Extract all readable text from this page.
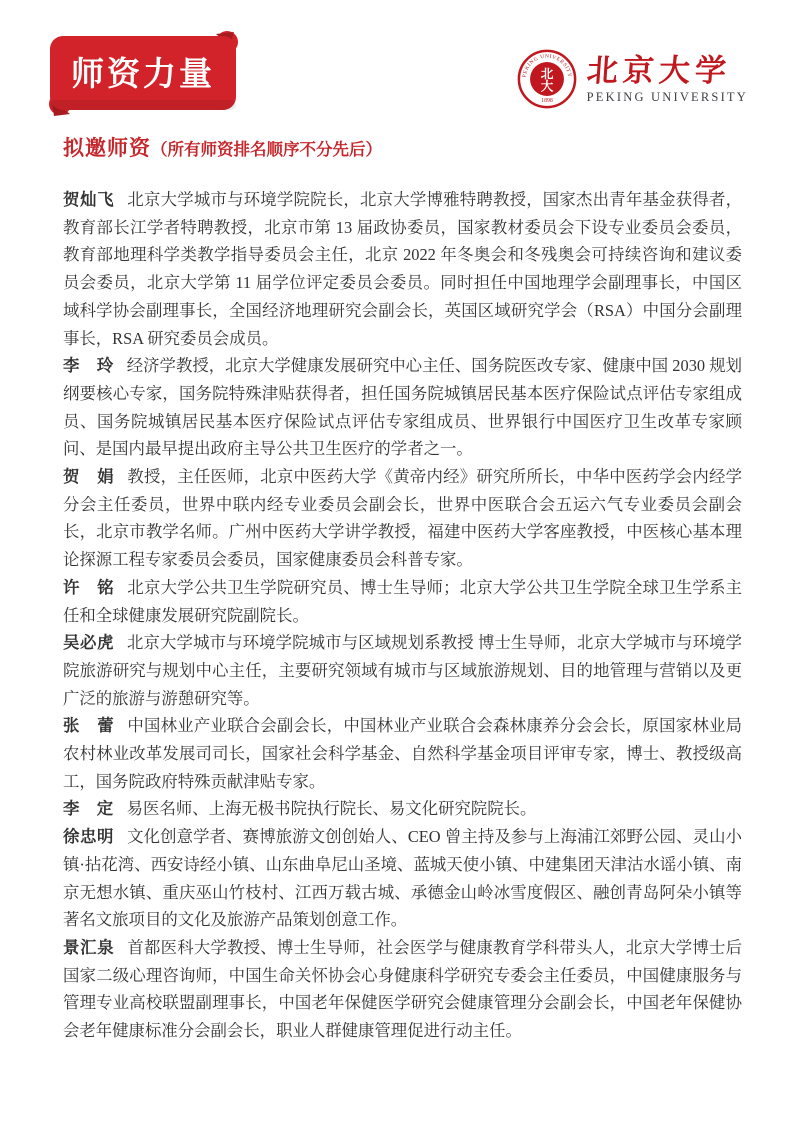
师资力量	PEKING UNIVERSITY
1898
北
大 北京大学
PEKING UNIVERSITY
拟邀师资 （所有师资排名顺序不分先后）

贺灿飞 北京大学城市与环境学院院长，北京大学博雅特聘教授，国家杰出青年基金获得者，教育部长江学者特聘教授，北京市第 13 届政协委员，国家教材委员会下设专业委员会委员，教育部地理科学类教学指导委员会主任，北京 2022 年冬奥会和冬残奥会可持续咨询和建议委员会委员，北京大学第 11 届学位评定委员会委员。同时担任中国地理学会副理事长，中国区域科学协会副理事长，全国经济地理研究会副会长，英国区域研究学会（RSA）中国分会副理事长，RSA 研究委员会成员。

李　玲 经济学教授，北京大学健康发展研究中心主任、国务院医改专家、健康中国 2030 规划纲要核心专家，国务院特殊津贴获得者，担任国务院城镇居民基本医疗保险试点评估专家组成员、国务院城镇居民基本医疗保险试点评估专家组成员、世界银行中国医疗卫生改革专家顾问、是国内最早提出政府主导公共卫生医疗的学者之一。

贺　娟 教授，主任医师，北京中医药大学《黄帝内经》研究所所长，中华中医药学会内经学分会主任委员，世界中联内经专业委员会副会长，世界中医联合会五运六气专业委员会副会长，北京市教学名师。广州中医药大学讲学教授，福建中医药大学客座教授，中医核心基本理论探源工程专家委员会委员，国家健康委员会科普专家。

许　铭 北京大学公共卫生学院研究员、博士生导师；北京大学公共卫生学院全球卫生学系主任和全球健康发展研究院副院长。

吴必虎 北京大学城市与环境学院城市与区域规划系教授 博士生导师，北京大学城市与环境学院旅游研究与规划中心主任，主要研究领域有城市与区域旅游规划、目的地管理与营销以及更广泛的旅游与游憩研究等。

张　蕾 中国林业产业联合会副会长，中国林业产业联合会森林康养分会会长，原国家林业局农村林业改革发展司司长，国家社会科学基金、自然科学基金项目评审专家，博士、教授级高工，国务院政府特殊贡献津贴专家。

李　定 易医名师、上海无极书院执行院长、易文化研究院院长。

徐忠明 文化创意学者、赛博旅游文创创始人、CEO 曾主持及参与上海浦江郊野公园、灵山小镇·拈花湾、西安诗经小镇、山东曲阜尼山圣境、蓝城天使小镇、中建集团天津沽水谣小镇、南京无想水镇、重庆巫山竹枝村、江西万载古城、承德金山岭冰雪度假区、融创青岛阿朵小镇等著名文旅项目的文化及旅游产品策划创意工作。

景汇泉 首都医科大学教授、博士生导师，社会医学与健康教育学科带头人，北京大学博士后 国家二级心理咨询师，中国生命关怀协会心身健康科学研究专委会主任委员，中国健康服务与管理专业高校联盟副理事长，中国老年保健医学研究会健康管理分会副会长，中国老年保健协会老年健康标准分会副会长，职业人群健康管理促进行动主任。
